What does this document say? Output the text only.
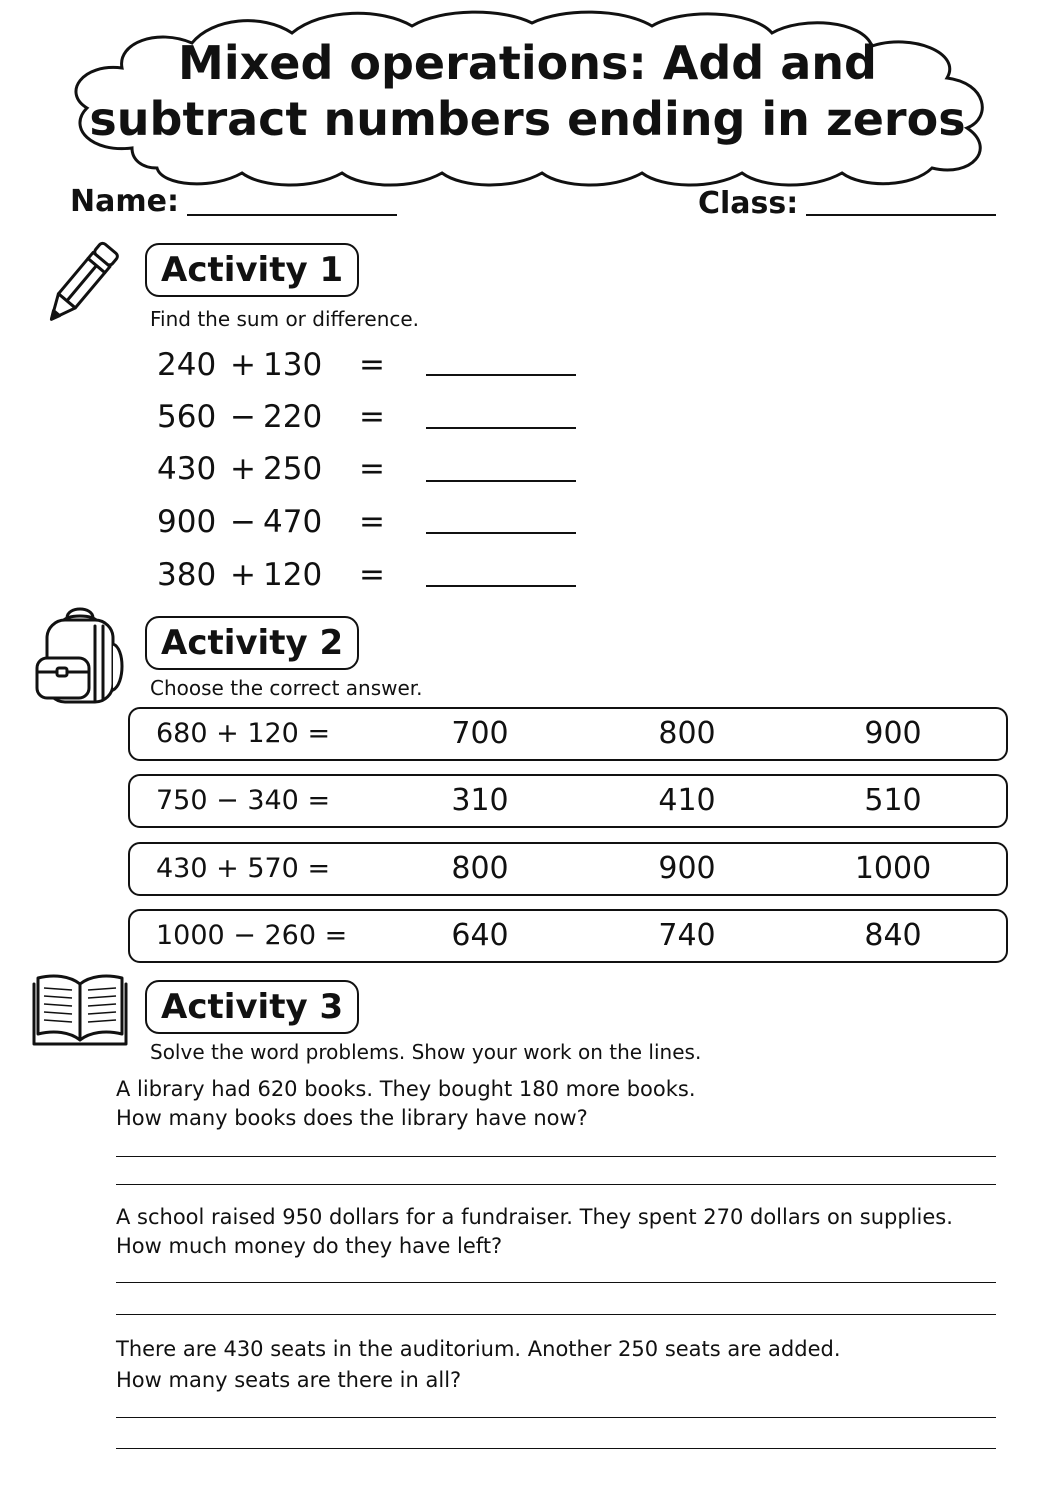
Mixed operations: Add and
subtract numbers ending in zeros
Name:	Class:
Activity 1
Find the sum or difference.
240 + 130	=
560 − 220	=
430 + 250	=
900 − 470	=
380 + 120	=
Activity 2
Choose the correct answer.
680 + 120 =	700	800	900
750 − 340 =	310	410	510
430 + 570 =	800	900	1000
1000 − 260 =	640	740	840
Activity 3
Solve the word problems. Show your work on the lines.
A library had 620 books. They bought 180 more books.
How many books does the library have now?
A school raised 950 dollars for a fundraiser. They spent 270 dollars on supplies.
How much money do they have left?
There are 430 seats in the auditorium. Another 250 seats are added.
How many seats are there in all?
